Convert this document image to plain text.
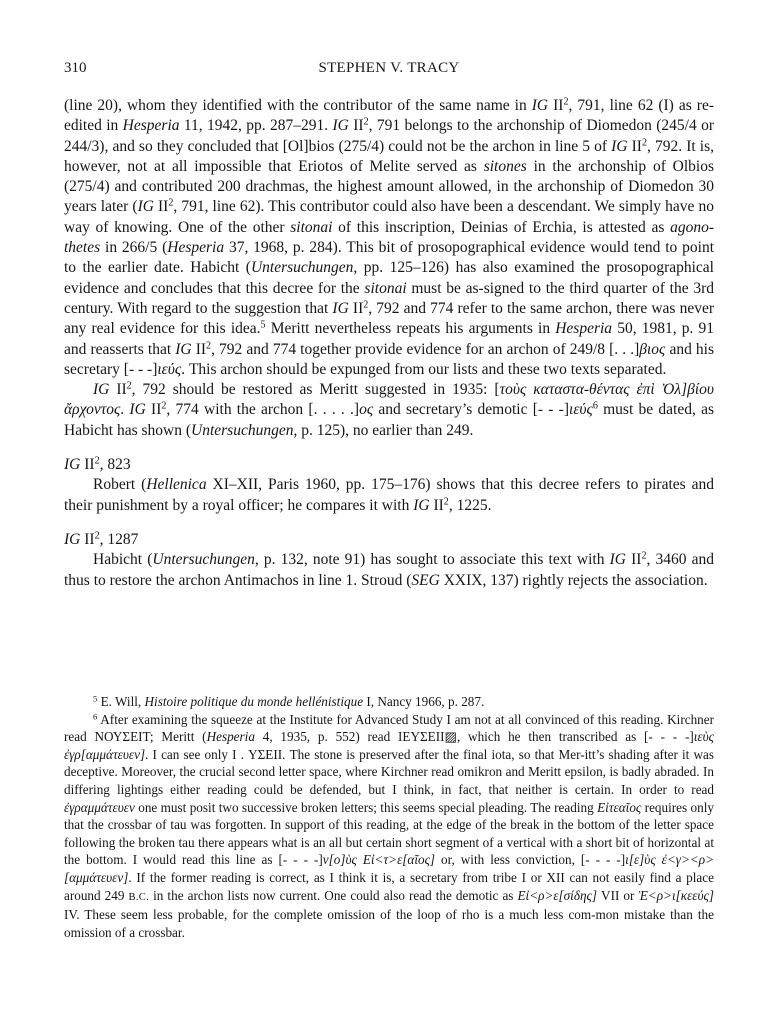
310	STEPHEN V. TRACY

(line 20), whom they identified with the contributor of the same name in IG $II^2$, 791, line 62 (I) as re-edited in Hesperia 11, 1942, pp. 287–291. IG $II^2$, 791 belongs to the archonship of Diomedon (245/4 or 244/3), and so they concluded that [Ol]bios (275/4) could not be the archon in line 5 of IG $II^2$, 792. It is, however, not at all impossible that Eriotos of Melite served as sitones in the archonship of Olbios (275/4) and contributed 200 drachmas, the highest amount allowed, in the archonship of Diomedon 30 years later (IG $II^2$, 791, line 62). This contributor could also have been a descendant. We simply have no way of knowing. One of the other sitonai of this inscription, Deinias of Erchia, is attested as agono-thetes in 266/5 (Hesperia 37, 1968, p. 284). This bit of prosopographical evidence would tend to point to the earlier date. Habicht (Untersuchungen, pp. 125–126) has also examined the prosopographical evidence and concludes that this decree for the sitonai must be as-signed to the third quarter of the 3rd century. With regard to the suggestion that IG $II^2$, 792 and 774 refer to the same archon, there was never any real evidence for this idea.$^5$ Meritt nevertheless repeats his arguments in Hesperia 50, 1981, p. 91 and reasserts that IG $II^2$, 792 and 774 together provide evidence for an archon of 249/8 [. . .]βιος and his secretary [- - -]ιεύς. This archon should be expunged from our lists and these two texts separated.

IG $II^2$, 792 should be restored as Meritt suggested in 1935: [τοὺς καταστα-θέντας ἐπὶ Ὀλ]βίου ἄρχοντος. IG $II^2$, 774 with the archon [. . . . .]ος and secretary’s demotic [- - -]ιεύς$^6$ must be dated, as Habicht has shown (Untersuchungen, p. 125), no earlier than 249.

IG $II^2$, 823

Robert (Hellenica XI–XII, Paris 1960, pp. 175–176) shows that this decree refers to pirates and their punishment by a royal officer; he compares it with IG $II^2$, 1225.

IG $II^2$, 1287

Habicht (Untersuchungen, p. 132, note 91) has sought to associate this text with IG $II^2$, 3460 and thus to restore the archon Antimachos in line 1. Stroud (SEG XXIX, 137) rightly rejects the association.

$^5$ E. Will, Histoire politique du monde hellénistique I, Nancy 1966, p. 287.

$^6$ After examining the squeeze at the Institute for Advanced Study I am not at all convinced of this reading. Kirchner read ΝΟΥΣΕΙΤ; Meritt (Hesperia 4, 1935, p. 552) read ΙΕΥΣΕΙΙ▨, which he then transcribed as [- - - -]ιεὺς ἐγρ[αμμάτευεν]. I can see only I . ΥΣΕΙΙ. The stone is preserved after the final iota, so that Mer-itt’s shading after it was deceptive. Moreover, the crucial second letter space, where Kirchner read omikron and Meritt epsilon, is badly abraded. In differing lightings either reading could be defended, but I think, in fact, that neither is certain. In order to read ἐγραμμάτευεν one must posit two successive broken letters; this seems special pleading. The reading Εἰτεαῖος requires only that the crossbar of tau was forgotten. In support of this reading, at the edge of the break in the bottom of the letter space following the broken tau there appears what is an all but certain short segment of a vertical with a short bit of horizontal at the bottom. I would read this line as [- - - -]ν[ο]ὺς Εἰ<τ>ε[αῖος] or, with less conviction, [- - - -]ι[ε]ὺς ἐ<γ><ρ>[αμμάτευεν]. If the former reading is correct, as I think it is, a secretary from tribe I or XII can not easily find a place around 249 B.C. in the archon lists now current. One could also read the demotic as Εἰ<ρ>ε[σίδης] VII or Ἐ<ρ>ι[κεεύς] IV. These seem less probable, for the complete omission of the loop of rho is a much less com-mon mistake than the omission of a crossbar.
